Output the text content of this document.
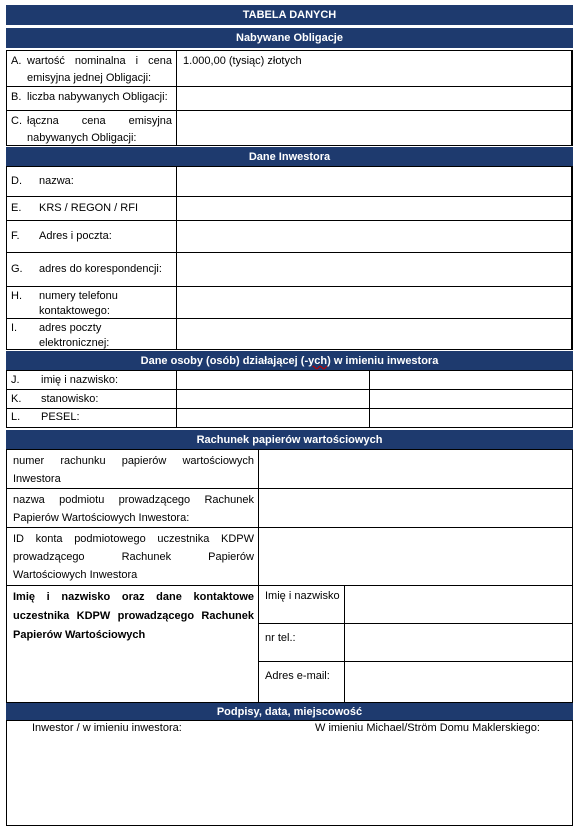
TABELA DANYCH
Nabywane Obligacje
A. wartość nominalna i cena emisyjna jednej Obligacji:
1.000,00 (tysiąc) złotych
B. liczba nabywanych Obligacji:
C. łączna cena emisyjna nabywanych Obligacji:
Dane Inwestora
D.	nazwa:
E.	KRS / REGON / RFI
F.	Adres i poczta:
G.	adres do korespondencji:
H.	numery telefonu kontaktowego:
I.	adres poczty elektronicznej:
Dane osoby (osób) działającej (- ych ) w imieniu inwestora
J.	imię i nazwisko:
K.	stanowisko:
L.	PESEL:
Rachunek papierów wartościowych
numer rachunku papierów wartościowych Inwestora
nazwa podmiotu prowadzącego Rachunek Papierów Wartościowych Inwestora:
ID konta podmiotowego uczestnika KDPW prowadzącego Rachunek Papierów Wartościowych Inwestora
Imię i nazwisko oraz dane kontaktowe uczestnika KDPW prowadzącego Rachunek Papierów Wartościowych
Imię i nazwisko
nr tel.:
Adres e-mail:
Podpisy, data, miejscowość
Inwestor / w imieniu inwestora:	W imieniu Michael/Ström Domu Maklerskiego:
